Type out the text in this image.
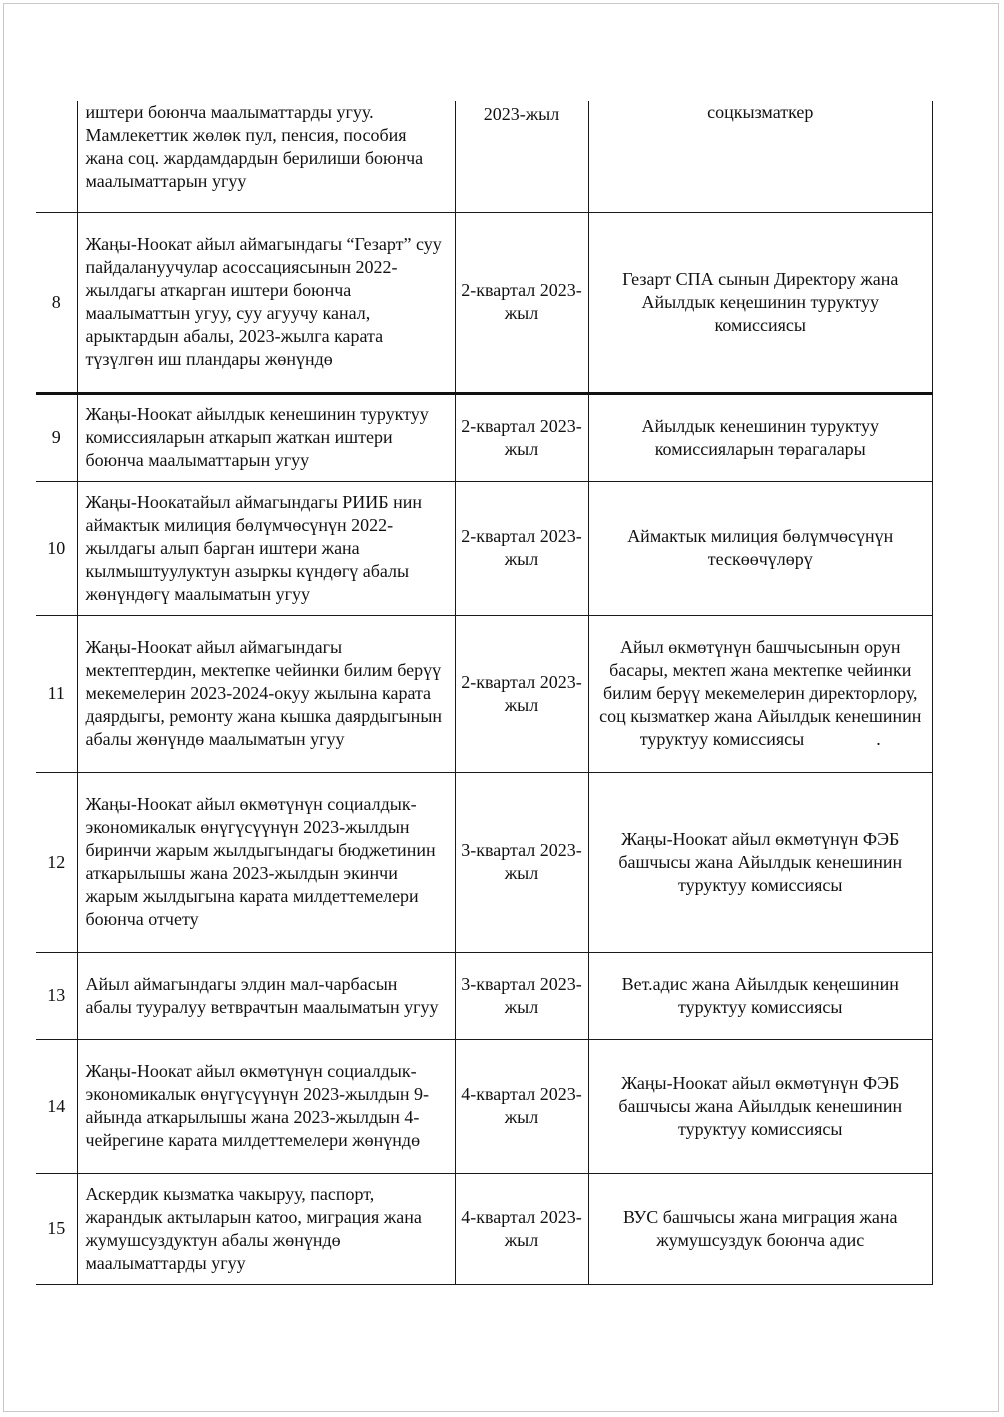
	иштери боюнча маалыматтарды угуу. Мамлекеттик жөлөк пул, пенсия, пособия жана соц. жардамдардын берилиши боюнча маалыматтарын угуу	2023-жыл	соцкызматкер
8	Жаңы-Ноокат айыл аймагындагы “Гезарт” суу пайдалануучулар асоссациясынын 2022-жылдагы аткарган иштери боюнча маалыматтын угуу, суу агуучу канал, арыктардын абалы, 2023-жылга карата түзүлгөн иш пландары жөнүндө	2-квартал 2023-жыл	Гезарт СПА сынын Директору жана Айылдык кеңешинин туруктуу комиссиясы
9	Жаңы-Ноокат айылдык кенешинин туруктуу комиссияларын аткарып жаткан иштери боюнча маалыматтарын угуу	2-квартал 2023-жыл	Айылдык кенешинин туруктуу комиссияларын төрагалары
10	Жаңы-Ноокатайыл аймагындагы РИИБ нин аймактык милиция бөлүмчөсүнүн 2022-жылдагы алып барган иштери жана кылмыштуулуктун азыркы күндөгү абалы жөнүндөгү маалыматын угуу	2-квартал 2023-жыл	Аймактык милиция бөлүмчөсүнүн тескөөчүлөрү
11	Жаңы-Ноокат айыл аймагындагы мектептердин, мектепке чейинки билим берүү мекемелерин 2023-2024-окуу жылына карата даярдыгы, ремонту жана кышка даярдыгынын абалы жөнүндө маалыматын угуу	2-квартал 2023-жыл	Айыл өкмөтүнүн башчысынын орун басары, мектеп жана мектепке чейинки билим берүү мекемелерин директорлору, соц кызматкер жана Айылдык кенешинин туруктуу комиссиясы                .
12	Жаңы-Ноокат айыл өкмөтүнүн социалдык-экономикалык өнүгүсүүнүн 2023-жылдын биринчи жарым жылдыгындагы бюджетинин аткарылышы жана 2023-жылдын экинчи жарым жылдыгына карата милдеттемелери боюнча отчету	3-квартал 2023-жыл	Жаңы-Ноокат айыл өкмөтүнүн ФЭБ башчысы жана Айылдык кенешинин туруктуу комиссиясы
13	Айыл аймагындагы элдин мал-чарбасын абалы тууралуу ветврачтын маалыматын угуу	3-квартал 2023-жыл	Вет.адис жана Айылдык кеңешинин туруктуу комиссиясы
14	Жаңы-Ноокат айыл өкмөтүнүн социалдык-экономикалык өнүгүсүүнүн 2023-жылдын 9-айында аткарылышы жана 2023-жылдын 4-чейрегине карата милдеттемелери жөнүндө	4-квартал 2023-жыл	Жаңы-Ноокат айыл өкмөтүнүн ФЭБ башчысы жана Айылдык кенешинин туруктуу комиссиясы
15	Аскердик кызматка чакыруу, паспорт, жарандык актыларын катоо, миграция жана жумушсуздуктун абалы жөнүндө маалыматтарды угуу	4-квартал 2023-жыл	ВУС башчысы жана миграция жана жумушсуздук боюнча адис
